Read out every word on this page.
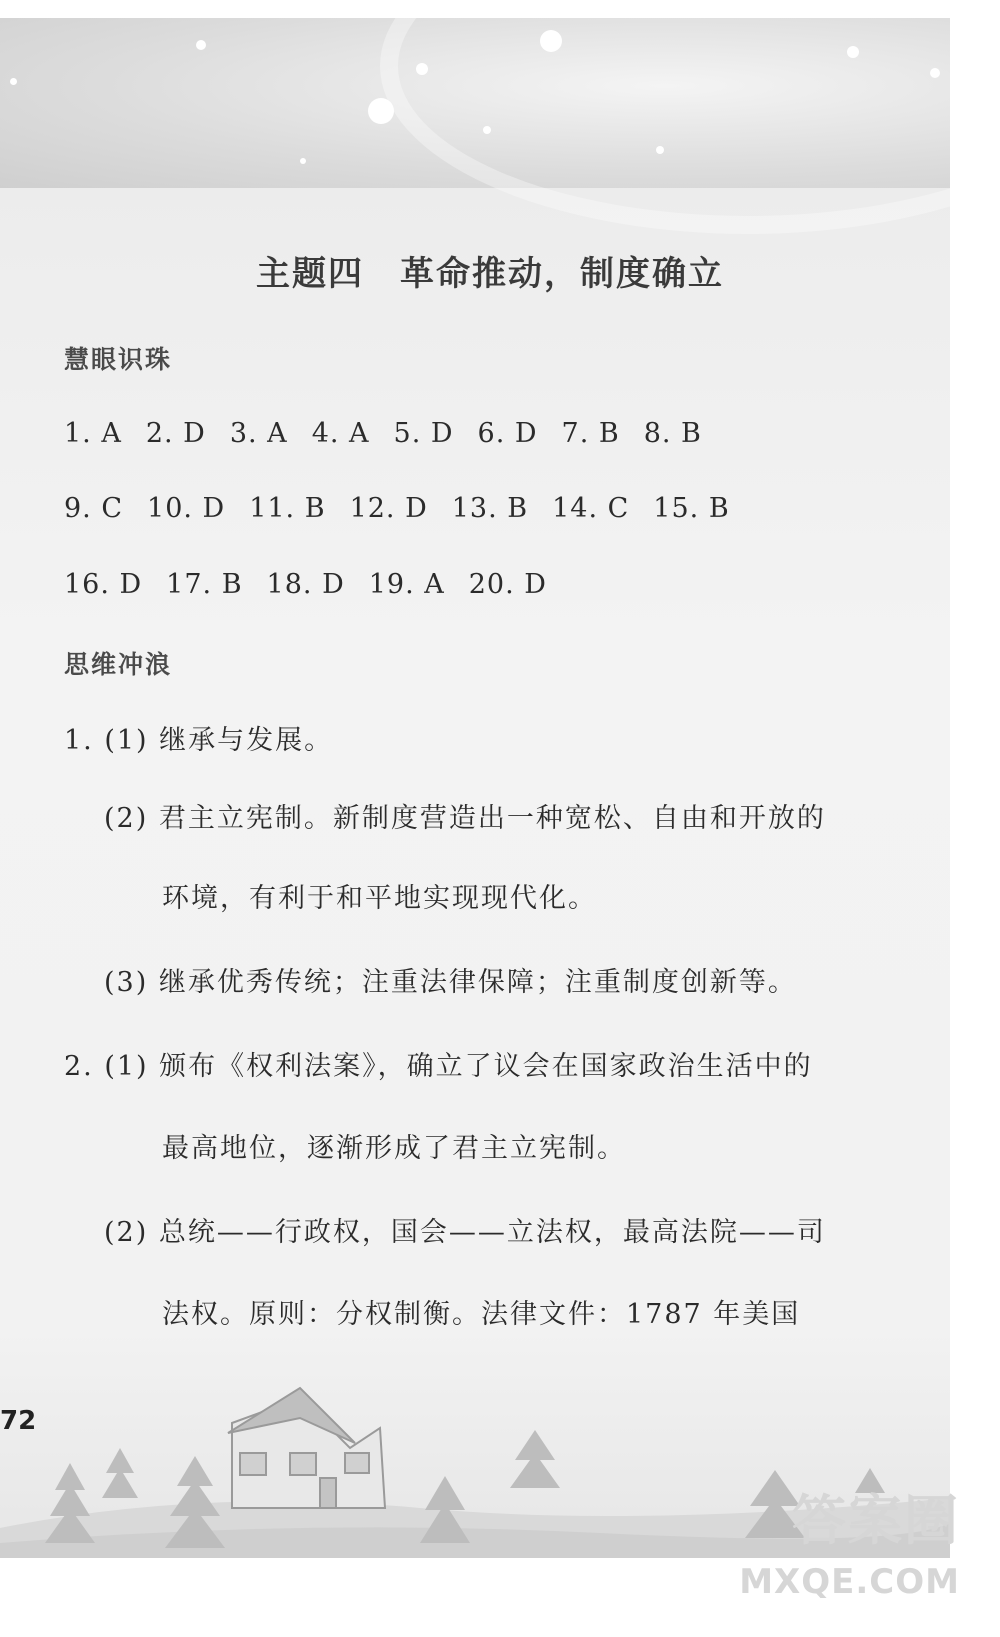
主题四　革命推动，制度确立
慧眼识珠
1. A 2. D 3. A 4. A 5. D 6. D 7. B 8. B
9. C 10. D 11. B 12. D 13. B 14. C 15. B
16. D 17. B 18. D 19. A 20. D
思维冲浪
1. (1) 继承与发展。
(2) 君主立宪制。新制度营造出一种宽松、自由和开放的
环境，有利于和平地实现现代化。
(3) 继承优秀传统；注重法律保障；注重制度创新等。
2. (1) 颁布《权利法案》，确立了议会在国家政治生活中的
最高地位，逐渐形成了君主立宪制。
(2) 总统——行政权，国会——立法权，最高法院——司
法权。原则：分权制衡。法律文件：1787 年美国
72
答案圈
MXQE.COM
